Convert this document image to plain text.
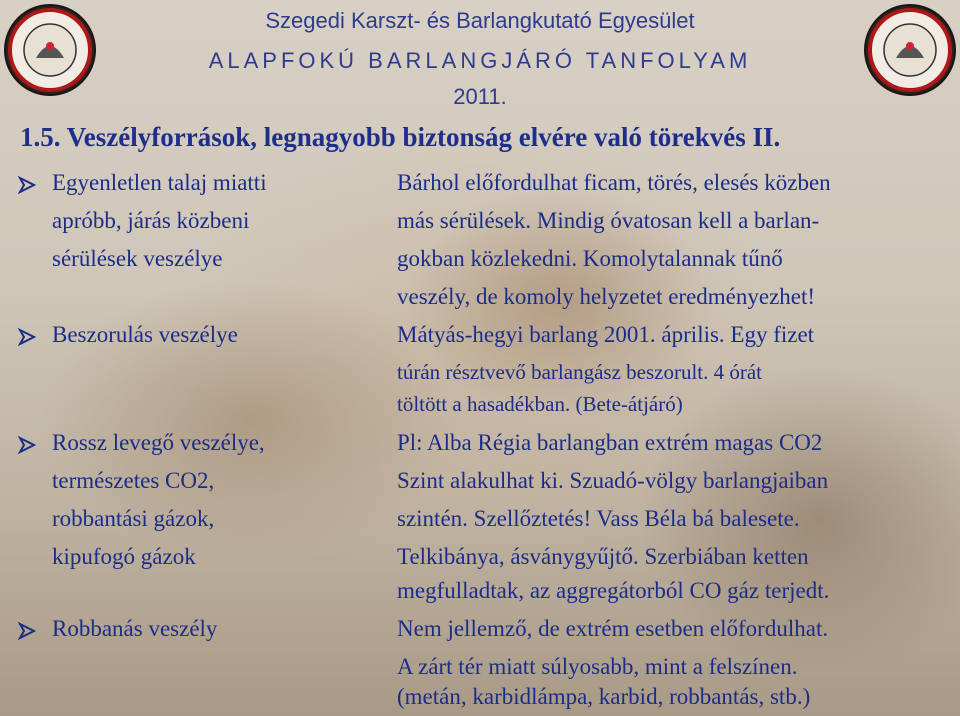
Szegedi Karszt- és Barlangkutató Egyesület
ALAPFOKÚ BARLANGJÁRÓ TANFOLYAM
2011.
1.5. Veszélyforrások, legnagyobb biztonság elvére való törekvés II.
Egyenletlen talaj miatti
apróbb, járás közbeni
sérülések veszélye
Bárhol előfordulhat ficam, törés, elesés közben
más sérülések. Mindig óvatosan kell a barlan-
gokban közlekedni. Komolytalannak tűnő
veszély, de komoly helyzetet eredményezhet!
Beszorulás veszélye	Mátyás-hegyi barlang 2001. április. Egy fizet
túrán résztvevő barlangász beszorult. 4 órát
töltött a hasadékban. (Bete-átjáró)
Rossz levegő veszélye,
természetes CO2,
robbantási gázok,
kipufogó gázok
Pl: Alba Régia barlangban extrém magas CO2
Szint alakulhat ki. Szuadó-völgy barlangjaiban
szintén. Szellőztetés! Vass Béla bá balesete.
Telkibánya, ásványgyűjtő. Szerbiában ketten
megfulladtak, az aggregátorból CO gáz terjedt.
Robbanás veszély	Nem jellemző, de extrém esetben előfordulhat.
A zárt tér miatt súlyosabb, mint a felszínen.
(metán, karbidlámpa, karbid, robbantás, stb.)
